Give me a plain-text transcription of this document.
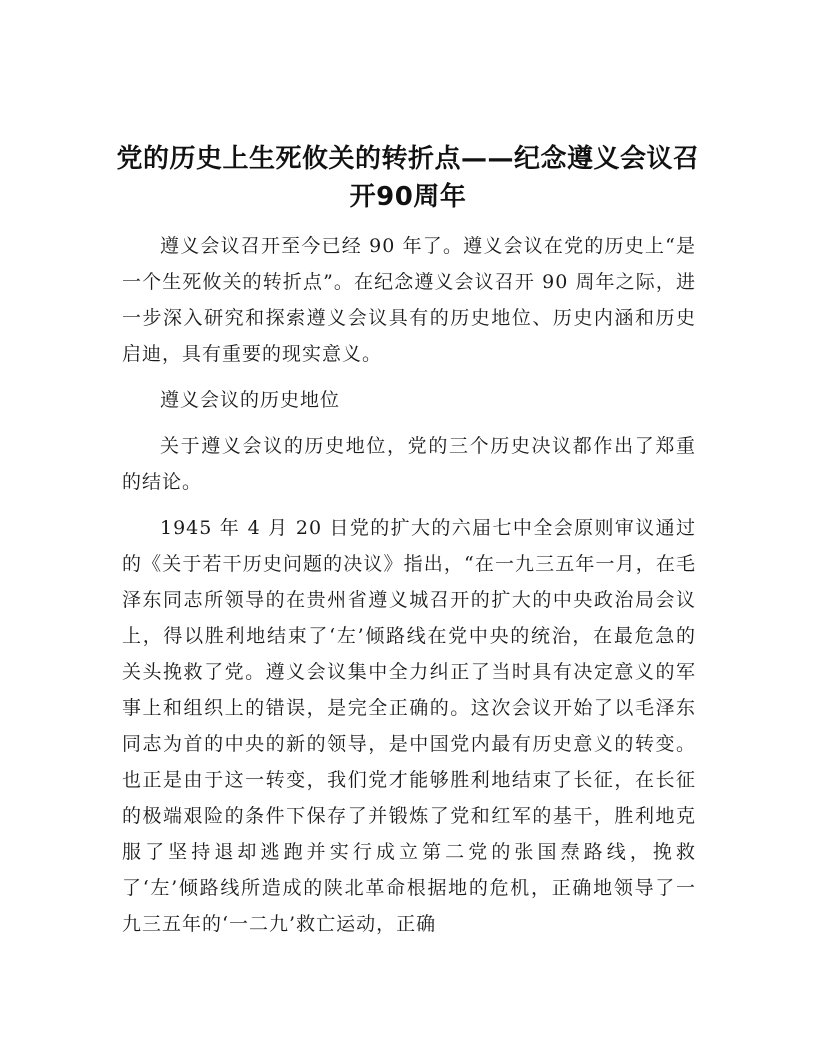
党的历史上生死攸关的转折点——纪念遵义会议召开90周年

遵义会议召开至今已经 90 年了。遵义会议在党的历史上“是一个生死攸关的转折点”。在纪念遵义会议召开 90 周年之际，进一步深入研究和探索遵义会议具有的历史地位、历史内涵和历史启迪，具有重要的现实意义。

遵义会议的历史地位

关于遵义会议的历史地位，党的三个历史决议都作出了郑重的结论。

1945 年 4 月 20 日党的扩大的六届七中全会原则审议通过的《关于若干历史问题的决议》指出，“在一九三五年一月，在毛泽东同志所领导的在贵州省遵义城召开的扩大的中央政治局会议上，得以胜利地结束了‘左’倾路线在党中央的统治，在最危急的关头挽救了党。遵义会议集中全力纠正了当时具有决定意义的军事上和组织上的错误，是完全正确的。这次会议开始了以毛泽东同志为首的中央的新的领导，是中国党内最有历史意义的转变。也正是由于这一转变，我们党才能够胜利地结束了长征，在长征的极端艰险的条件下保存了并锻炼了党和红军的基干，胜利地克服了坚持退却逃跑并实行成立第二党的张国焘路线，挽救了‘左’倾路线所造成的陕北革命根据地的危机，正确地领导了一九三五年的‘一二九’救亡运动，正确
